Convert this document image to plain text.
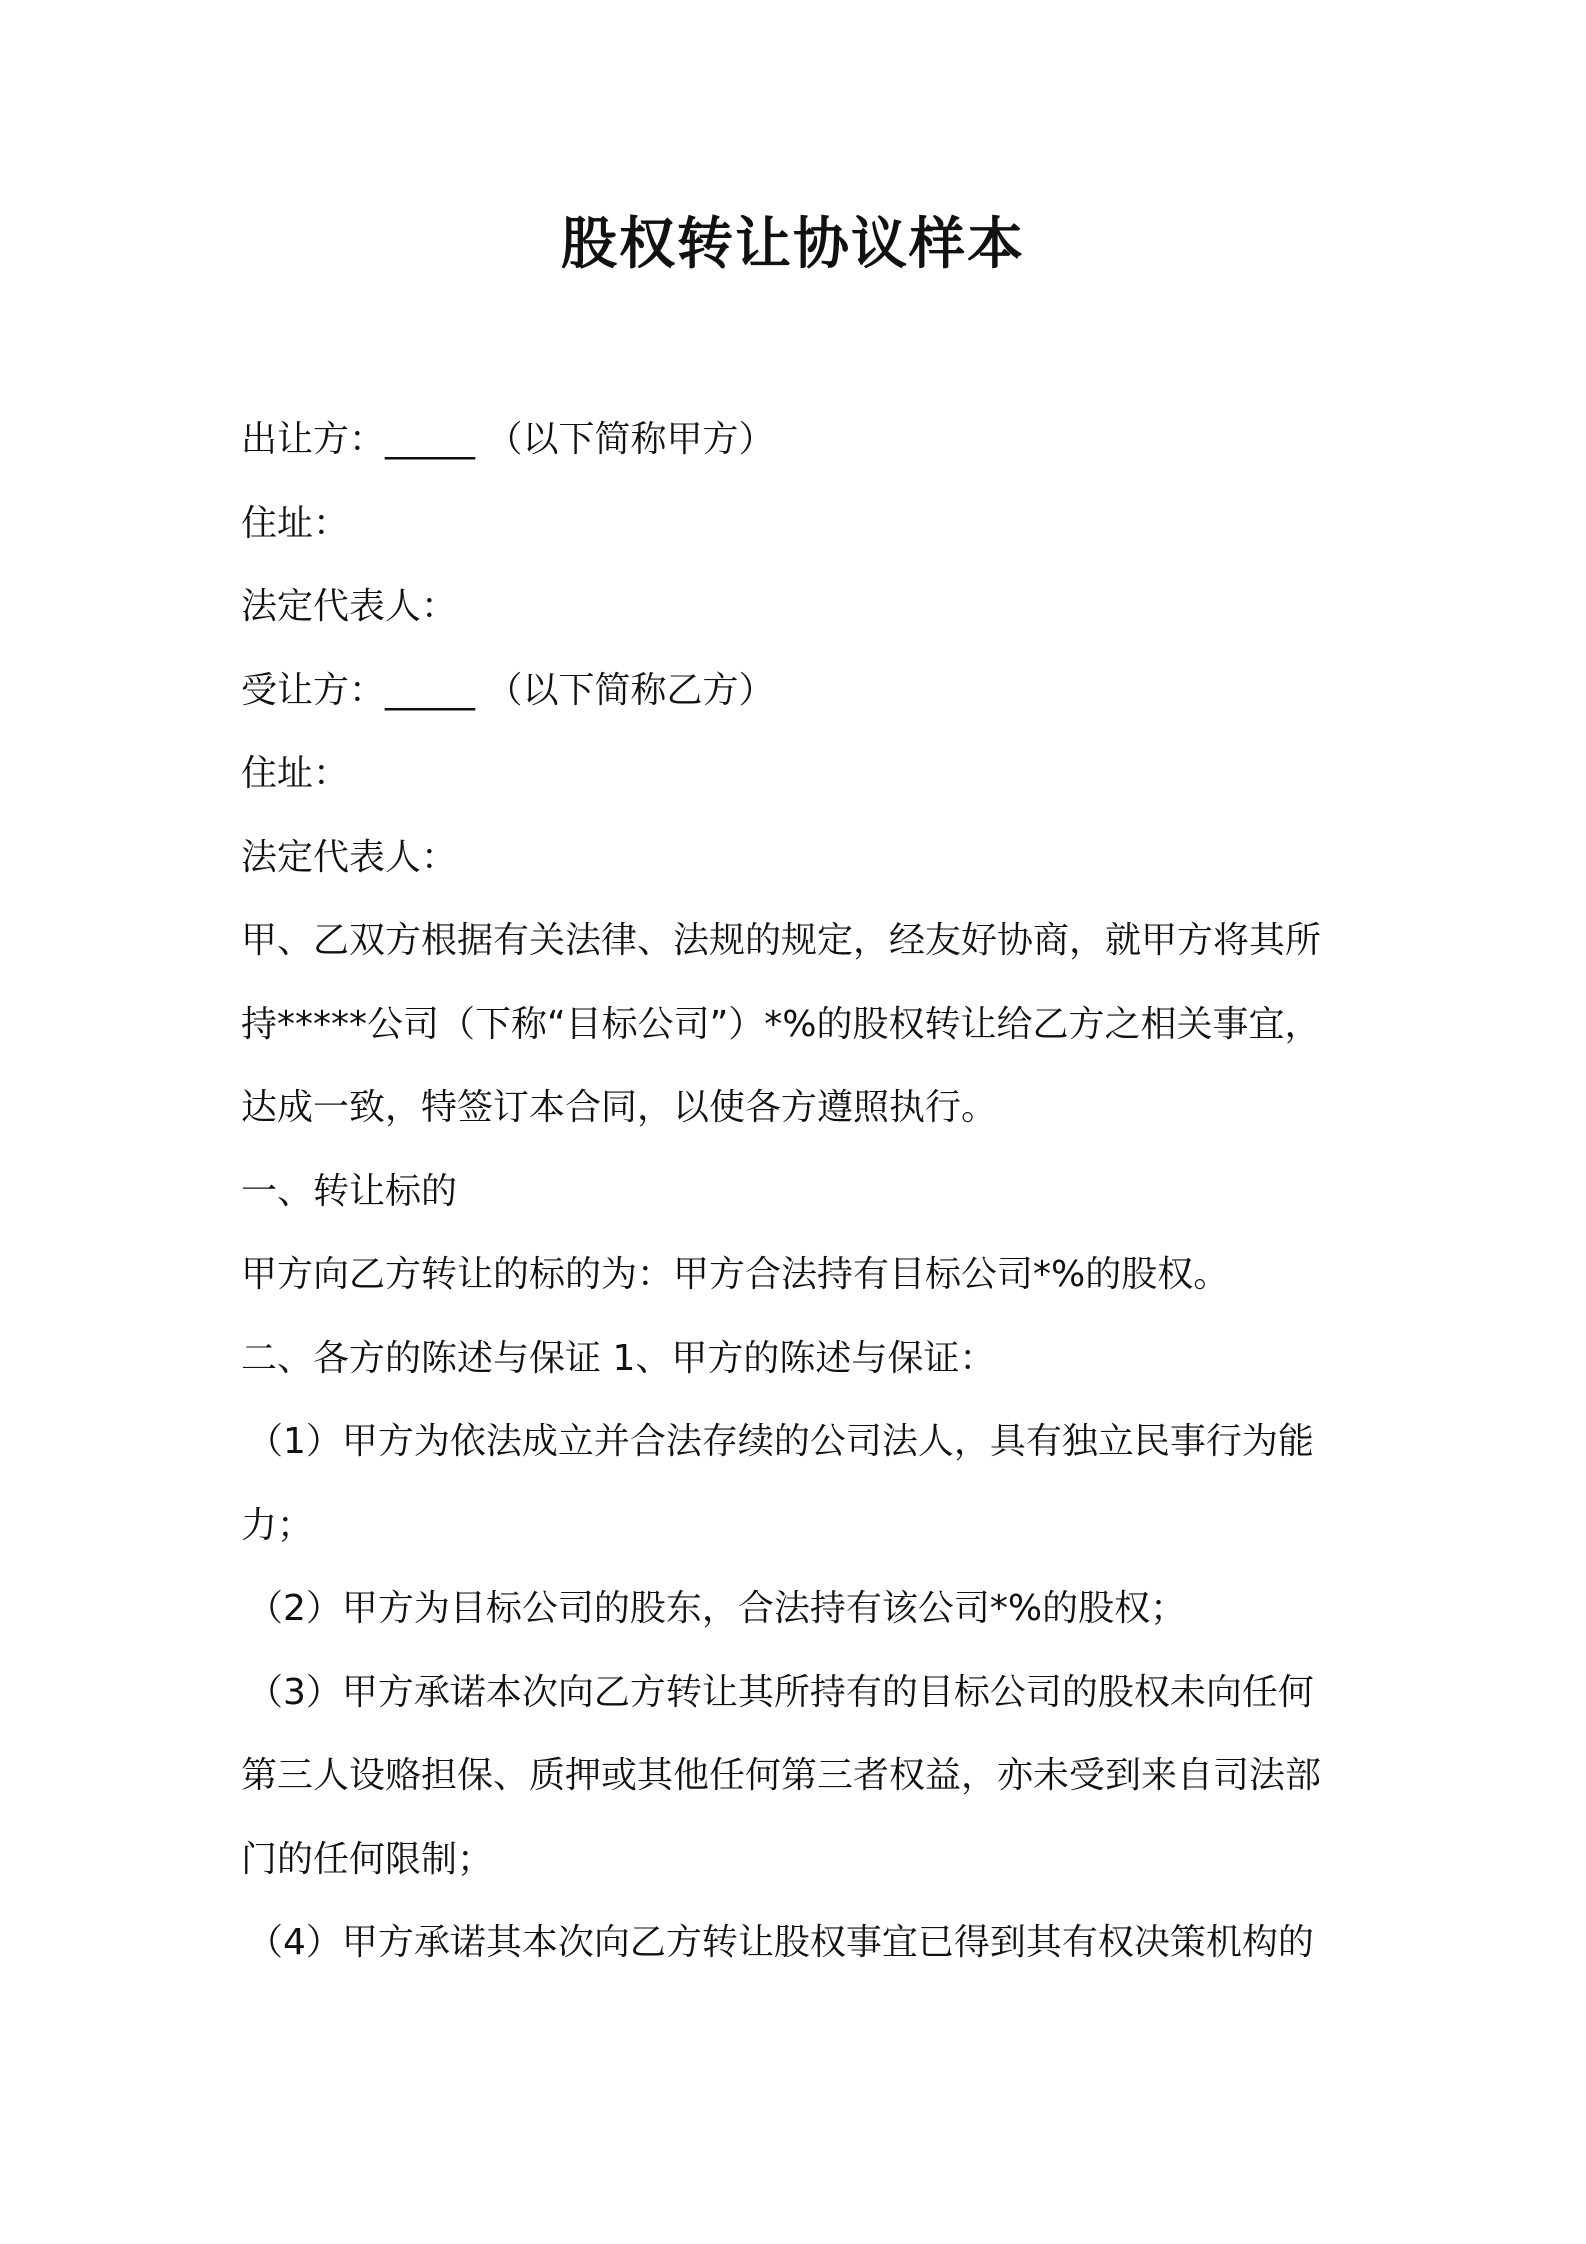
股权转让协议样本
出让方：_____ （以下简称甲方）
住址：
法定代表人：
受让方：_____ （以下简称乙方）
住址：
法定代表人：
甲、乙双方根据有关法律、法规的规定，经友好协商，就甲方将其所
持*****公司（下称“目标公司”）*%的股权转让给乙方之相关事宜，
达成一致，特签订本合同，以使各方遵照执行。
一、转让标的
甲方向乙方转让的标的为：甲方合法持有目标公司*%的股权。
二、各方的陈述与保证 1、甲方的陈述与保证：
（1）甲方为依法成立并合法存续的公司法人，具有独立民事行为能
力；
（2）甲方为目标公司的股东，合法持有该公司*%的股权；
（3）甲方承诺本次向乙方转让其所持有的目标公司的股权未向任何
第三人设赂担保、质押或其他任何第三者权益，亦未受到来自司法部
门的任何限制；
（4）甲方承诺其本次向乙方转让股权事宜已得到其有权决策机构的
